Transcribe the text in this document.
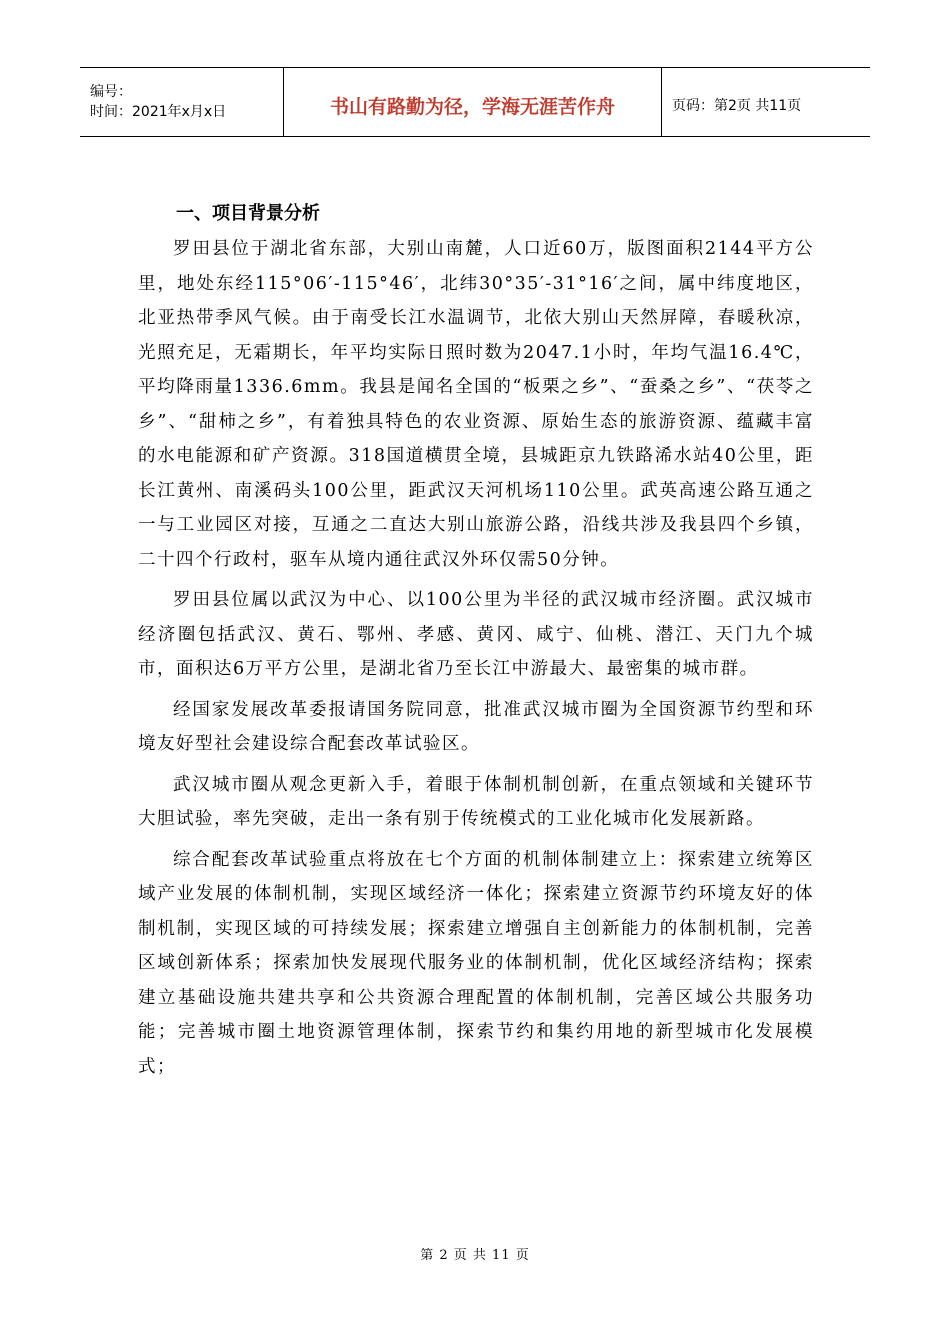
编号：
时间：2021年x月x日	书山有路勤为径，学海无涯苦作舟	页码：第2页 共11页
一、项目背景分析

罗田县位于湖北省东部，大别山南麓，人口近60万，版图面积2144平方公里，地处东经115°06′-115°46′，北纬30°35′-31°16′之间，属中纬度地区，北亚热带季风气候。由于南受长江水温调节，北依大别山天然屏障，春暖秋凉，光照充足，无霜期长，年平均实际日照时数为2047.1小时，年均气温16.4℃，平均降雨量1336.6mm。我县是闻名全国的“板栗之乡”、“蚕桑之乡”、“茯苓之乡”、“甜柿之乡”，有着独具特色的农业资源、原始生态的旅游资源、蕴藏丰富的水电能源和矿产资源。318国道横贯全境，县城距京九铁路浠水站40公里，距长江黄州、南溪码头100公里，距武汉天河机场110公里。武英高速公路互通之一与工业园区对接，互通之二直达大别山旅游公路，沿线共涉及我县四个乡镇，二十四个行政村，驱车从境内通往武汉外环仅需50分钟。

罗田县位属以武汉为中心、以100公里为半径的武汉城市经济圈。武汉城市经济圈包括武汉、黄石、鄂州、孝感、黄冈、咸宁、仙桃、潜江、天门九个城市，面积达6万平方公里，是湖北省乃至长江中游最大、最密集的城市群。

经国家发展改革委报请国务院同意，批准武汉城市圈为全国资源节约型和环境友好型社会建设综合配套改革试验区。

武汉城市圈从观念更新入手，着眼于体制机制创新，在重点领域和关键环节大胆试验，率先突破，走出一条有别于传统模式的工业化城市化发展新路。

综合配套改革试验重点将放在七个方面的机制体制建立上：探索建立统筹区域产业发展的体制机制，实现区域经济一体化；探索建立资源节约环境友好的体制机制，实现区域的可持续发展；探索建立增强自主创新能力的体制机制，完善区域创新体系；探索加快发展现代服务业的体制机制，优化区域经济结构；探索建立基础设施共建共享和公共资源合理配置的体制机制，完善区域公共服务功能；完善城市圈土地资源管理体制，探索节约和集约用地的新型城市化发展模式；

第 2 页 共 11 页
